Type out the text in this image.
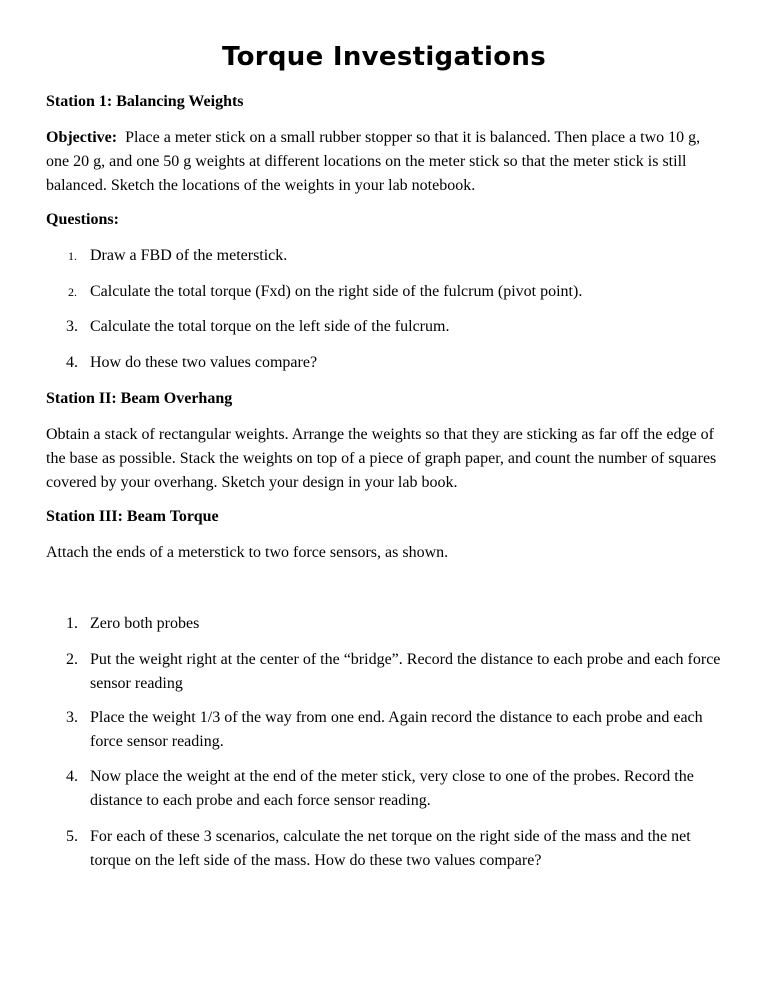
Torque Investigations

Station 1: Balancing Weights

Objective: Place a meter stick on a small rubber stopper so that it is balanced. Then place a two 10 g, one 20 g, and one 50 g weights at different locations on the meter stick so that the meter stick is still balanced. Sketch the locations of the weights in your lab notebook.

Questions:

1. Draw a FBD of the meterstick.
2. Calculate the total torque (Fxd) on the right side of the fulcrum (pivot point).
3. Calculate the total torque on the left side of the fulcrum.
4. How do these two values compare?

Station II: Beam Overhang

Obtain a stack of rectangular weights. Arrange the weights so that they are sticking as far off the edge of the base as possible. Stack the weights on top of a piece of graph paper, and count the number of squares covered by your overhang. Sketch your design in your lab book.

Station III: Beam Torque

Attach the ends of a meterstick to two force sensors, as shown.

1. Zero both probes
2. Put the weight right at the center of the “bridge”. Record the distance to each probe and each force sensor reading
3. Place the weight 1/3 of the way from one end. Again record the distance to each probe and each force sensor reading.
4. Now place the weight at the end of the meter stick, very close to one of the probes. Record the distance to each probe and each force sensor reading.
5. For each of these 3 scenarios, calculate the net torque on the right side of the mass and the net torque on the left side of the mass. How do these two values compare?
